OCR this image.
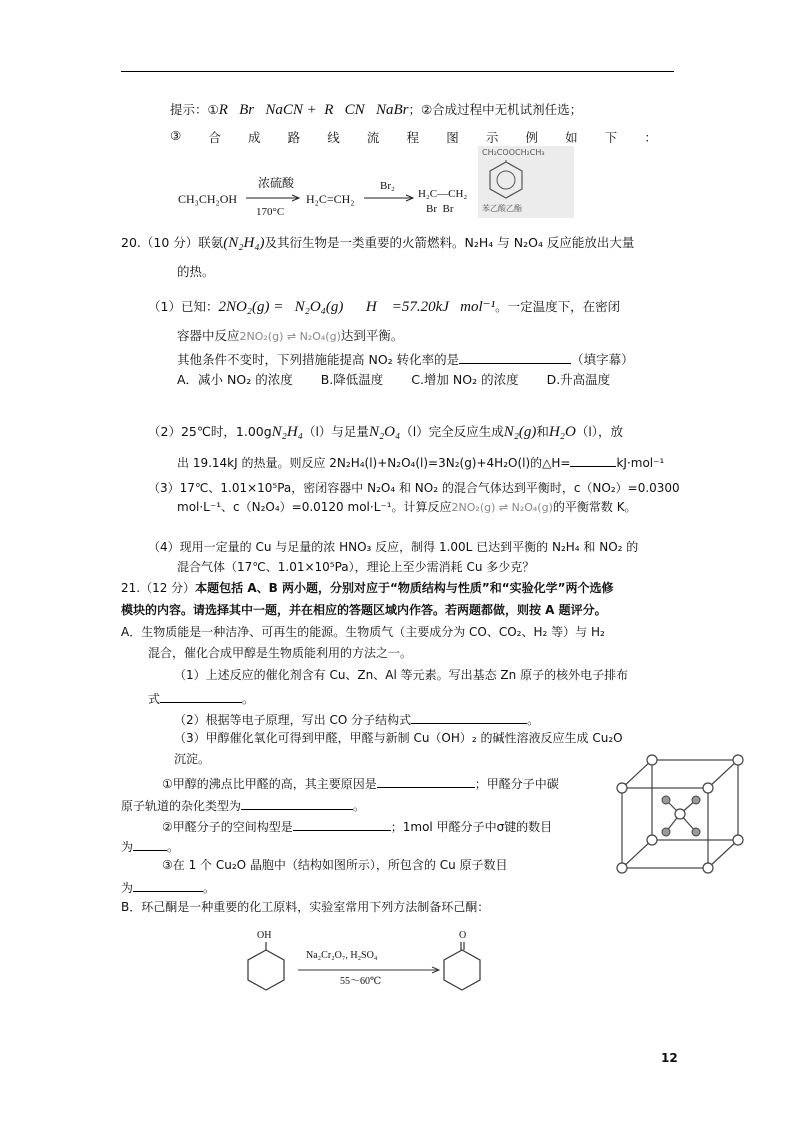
提示：①R   Br   NaCN +  R   CN   NaBr；②合成过程中无机试剂任选；
③ 合 成 路 线 流 程 图 示 例 如 下 ：
CH₃CH₂OH
浓硫酸
170°C
H₂C=CH₂
Br₂
H₂C—CH₂
Br  Br
CH₂COOCH₂CH₃
苯乙酸乙酯
20.（10 分）联氨(N₂H₄)及其衍生物是一类重要的火箭燃料。N₂H₄ 与 N₂O₄ 反应能放出大量
的热。
（1）已知：2NO₂(g) =   N₂O₄(g)      H    =57.20kJ   mol⁻¹。一定温度下，在密闭
容器中反应2NO₂(g) ⇌ N₂O₄(g)达到平衡。
其他条件不变时，下列措施能提高 NO₂ 转化率的是	（填字幕）
A．减小 NO₂ 的浓度 B.降低温度 C.增加 NO₂ 的浓度 D.升高温度
（2）25℃时，1.00gN₂H₄（l）与足量N₂O₄（l）完全反应生成N₂(g)和H₂O（l），放
出 19.14kJ 的热量。则反应 2N₂H₄(l)+N₂O₄(l)=3N₂(g)+4H₂O(l)的△H=	kJ·mol⁻¹
（3）17℃、1.01×10⁵Pa，密闭容器中 N₂O₄ 和 NO₂ 的混合气体达到平衡时，c（NO₂）=0.0300
mol·L⁻¹、c（N₂O₄）=0.0120 mol·L⁻¹。计算反应2NO₂(g) ⇌ N₂O₄(g)的平衡常数 K。
（4）现用一定量的 Cu 与足量的浓 HNO₃ 反应，制得 1.00L 已达到平衡的 N₂H₄ 和 NO₂ 的
混合气体（17℃、1.01×10⁵Pa），理论上至少需消耗 Cu 多少克？
21.（12 分）本题包括 A、B 两小题，分别对应于“物质结构与性质”和“实验化学”两个选修
模块的内容。请选择其中一题，并在相应的答题区域内作答。若两题都做，则按 A 题评分。
A．生物质能是一种洁净、可再生的能源。生物质气（主要成分为 CO、CO₂、H₂ 等）与 H₂
混合，催化合成甲醇是生物质能利用的方法之一。
（1）上述反应的催化剂含有 Cu、Zn、Al 等元素。写出基态 Zn 原子的核外电子排布
式	。
（2）根据等电子原理，写出 CO 分子结构式	。
（3）甲醇催化氧化可得到甲醛，甲醛与新制 Cu（OH）₂ 的碱性溶液反应生成 Cu₂O
沉淀。
①甲醇的沸点比甲醛的高，其主要原因是	；甲醛分子中碳
原子轨道的杂化类型为	。
②甲醛分子的空间构型是	；1mol 甲醛分子中σ键的数目
为	。
③在 1 个 Cu₂O 晶胞中（结构如图所示），所包含的 Cu 原子数目
为	。
B．环己酮是一种重要的化工原料，实验室常用下列方法制备环己酮：
OH
Na₂Cr₂O₇, H₂SO₄
55～60℃
O
12
